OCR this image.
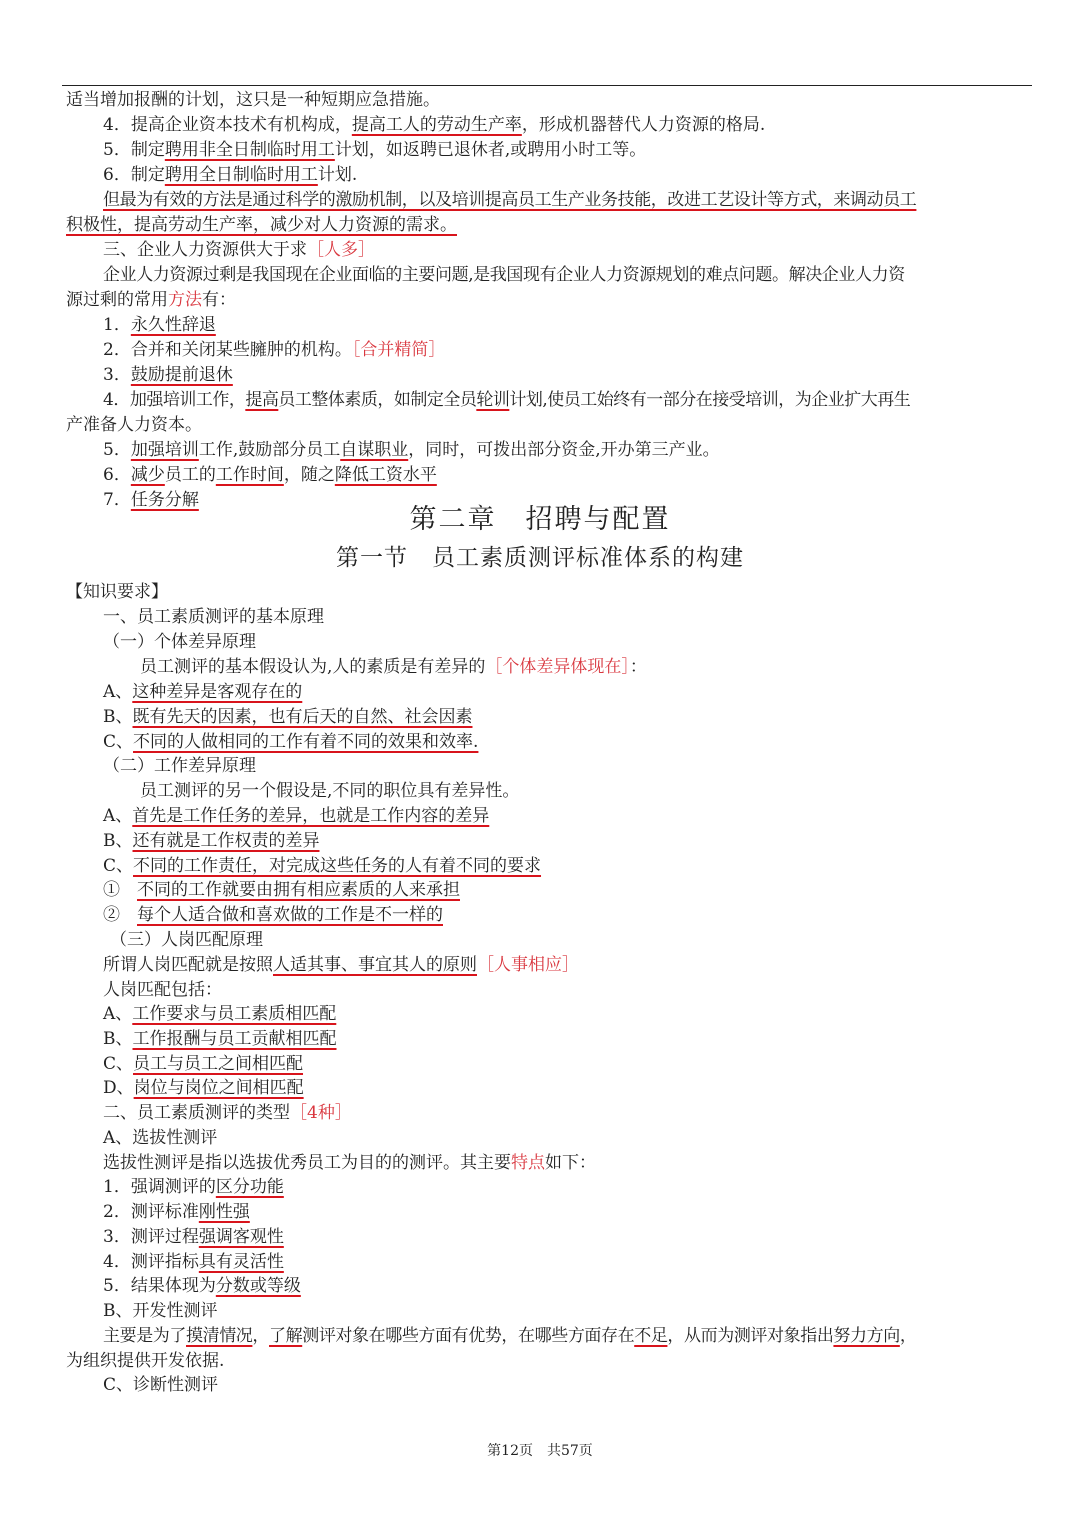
适当增加报酬的计划，这只是一种短期应急措施。
4．提高企业资本技术有机构成，提高工人的劳动生产率，形成机器替代人力资源的格局.
5．制定聘用非全日制临时用工计划，如返聘已退休者,或聘用小时工等。
6．制定聘用全日制临时用工计划.
但最为有效的方法是通过科学的激励机制，以及培训提高员工生产业务技能，改进工艺设计等方式，来调动员工
积极性，提高劳动生产率，减少对人力资源的需求。
三、企业人力资源供大于求［人多］
企业人力资源过剩是我国现在企业面临的主要问题,是我国现有企业人力资源规划的难点问题。解决企业人力资
源过剩的常用方法有：
1．永久性辞退
2．合并和关闭某些臃肿的机构。［合并精简］
3．鼓励提前退休
4．加强培训工作，提高员工整体素质，如制定全员轮训计划,使员工始终有一部分在接受培训，为企业扩大再生
产准备人力资本。
5．加强培训工作,鼓励部分员工自谋职业，同时，可拨出部分资金,开办第三产业。
6．减少员工的工作时间，随之降低工资水平
7．任务分解
第二章　招聘与配置
第一节　员工素质测评标准体系的构建
【知识要求】
一、员工素质测评的基本原理
（一）个体差异原理
员工测评的基本假设认为,人的素质是有差异的［个体差异体现在］：
A、这种差异是客观存在的
B、既有先天的因素，也有后天的自然、社会因素
C、不同的人做相同的工作有着不同的效果和效率.
（二）工作差异原理
员工测评的另一个假设是,不同的职位具有差异性。
A、首先是工作任务的差异，也就是工作内容的差异
B、还有就是工作权责的差异
C、不同的工作责任，对完成这些任务的人有着不同的要求
①　不同的工作就要由拥有相应素质的人来承担
②　每个人适合做和喜欢做的工作是不一样的
（三）人岗匹配原理
所谓人岗匹配就是按照人适其事、事宜其人的原则［人事相应］
人岗匹配包括：
A、工作要求与员工素质相匹配
B、工作报酬与员工贡献相匹配
C、员工与员工之间相匹配
D、岗位与岗位之间相匹配
二、员工素质测评的类型［4种］
A、选拔性测评
选拔性测评是指以选拔优秀员工为目的的测评。其主要特点如下：
1．强调测评的区分功能
2．测评标准刚性强
3．测评过程强调客观性
4．测评指标具有灵活性
5．结果体现为分数或等级
B、开发性测评
主要是为了摸清情况，了解测评对象在哪些方面有优势，在哪些方面存在不足，从而为测评对象指出努力方向，
为组织提供开发依据.
C、诊断性测评
第12页　共57页
